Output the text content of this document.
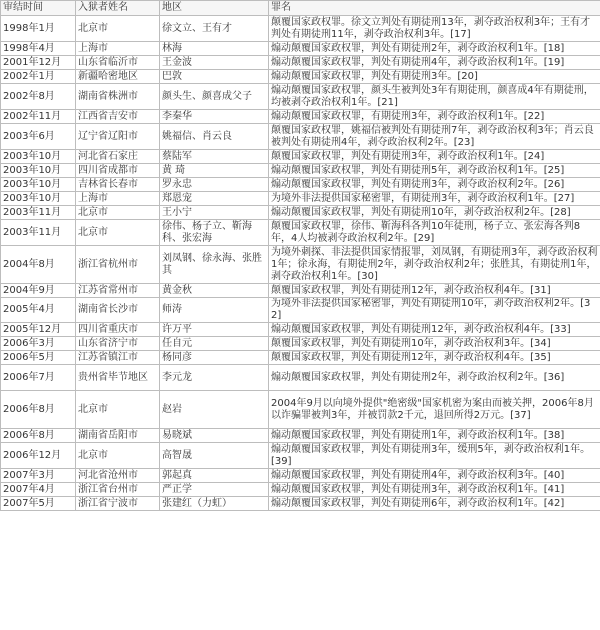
审结时间	入狱者姓名	地区	罪名
1998年1月	北京市	徐文立、王有才	颠覆国家政权罪。徐文立判处有期徒刑13年，剥夺政治权利3年；王有才判处有期徒刑11年，剥夺政治权利3年。[17]
1998年4月	上海市	林海	煽动颠覆国家政权罪，判处有期徒刑2年，剥夺政治权利1年。[18]
2001年12月	山东省临沂市	王金波	煽动颠覆国家政权罪，判处有期徒刑4年，剥夺政治权利1年。[19]
2002年1月	新疆哈密地区	巴敦	煽动颠覆国家政权罪，判处有期徒刑3年。[20]
2002年8月	湖南省株洲市	颜头生、颜喜成父子	煽动颠覆国家政权罪，颜头生被判处3年有期徒刑，颜喜成4年有期徒刑，均被剥夺政治权利1年。[21]
2002年11月	江西省吉安市	李秦华	煽动颠覆国家政权罪，有期徒刑3年，剥夺政治权利1年。[22]
2003年6月	辽宁省辽阳市	姚福信、肖云良	颠覆国家政权罪，姚福信被判处有期徒刑7年，剥夺政治权利3年；肖云良被判处有期徒刑4年，剥夺政治权利2年。[23]
2003年10月	河北省石家庄	蔡陆军	颠覆国家政权罪，判处有期徒刑3年，剥夺政治权利1年。[24]
2003年10月	四川省成都市	黄 琦	煽动颠覆国家政权罪，判处有期徒刑5年，剥夺政治权利1年。[25]
2003年10月	吉林省长春市	罗永忠	煽动颠覆国家政权罪，判处有期徒刑3年，剥夺政治权利2年。[26]
2003年10月	上海市	郑恩宠	为境外非法提供国家秘密罪，有期徒刑3年，剥夺政治权利1年。[27]
2003年11月	北京市	王小宁	煽动颠覆国家政权罪，判处有期徒刑10年，剥夺政治权利2年。[28]
2003年11月	北京市	徐伟、杨子立、靳海科、张宏海	颠覆国家政权罪，徐伟、靳海科各判10年徒刑，杨子立、张宏海各判8年，4人均被剥夺政治权利2年。[29]
2004年8月	浙江省杭州市	刘凤钢、徐永海、张胜其	为境外刺探、非法提供国家情报罪，刘凤钢，有期徒刑3年，剥夺政治权利1年；徐永海，有期徒刑2年，剥夺政治权利2年；张胜其，有期徒刑1年，剥夺政治权利1年。[30]
2004年9月	江苏省常州市	黄金秋	颠覆国家政权罪，判处有期徒刑12年，剥夺政治权利4年。[31]
2005年4月	湖南省长沙市	师涛	为境外非法提供国家秘密罪，判处有期徒刑10年，剥夺政治权利2年。[32]
2005年12月	四川省重庆市	许万平	煽动颠覆国家政权罪，判处有期徒刑12年，剥夺政治权利4年。[33]
2006年3月	山东省济宁市	任自元	颠覆国家政权罪，判处有期徒刑10年，剥夺政治权利3年。[34]
2006年5月	江苏省镇江市	杨同彦	颠覆国家政权罪，判处有期徒刑12年，剥夺政治权利4年。[35]
2006年7月	贵州省毕节地区	李元龙	煽动颠覆国家政权罪，判处有期徒刑2年，剥夺政治权利2年。[36]
2006年8月	北京市	赵岩	2004年9月以向境外提供"绝密级"国家机密为案由而被关押，2006年8月以诈骗罪被判3年，并被罚款2千元，退回所得2万元。[37]
2006年8月	湖南省岳阳市	易晓斌	煽动颠覆国家政权罪，判处有期徒刑1年，剥夺政治权利1年。[38]
2006年12月	北京市	高智晟	煽动颠覆国家政权罪，判处有期徒刑3年，缓刑5年，剥夺政治权利1年。[39]
2007年3月	河北省沧州市	郭起真	煽动颠覆国家政权罪，判处有期徒刑4年，剥夺政治权利3年。[40]
2007年4月	浙江省台州市	严正学	煽动颠覆国家政权罪，判处有期徒刑3年，剥夺政治权利1年。[41]
2007年5月	浙江省宁波市	张建红（力虹）	煽动颠覆国家政权罪，判处有期徒刑6年，剥夺政治权利1年。[42]
